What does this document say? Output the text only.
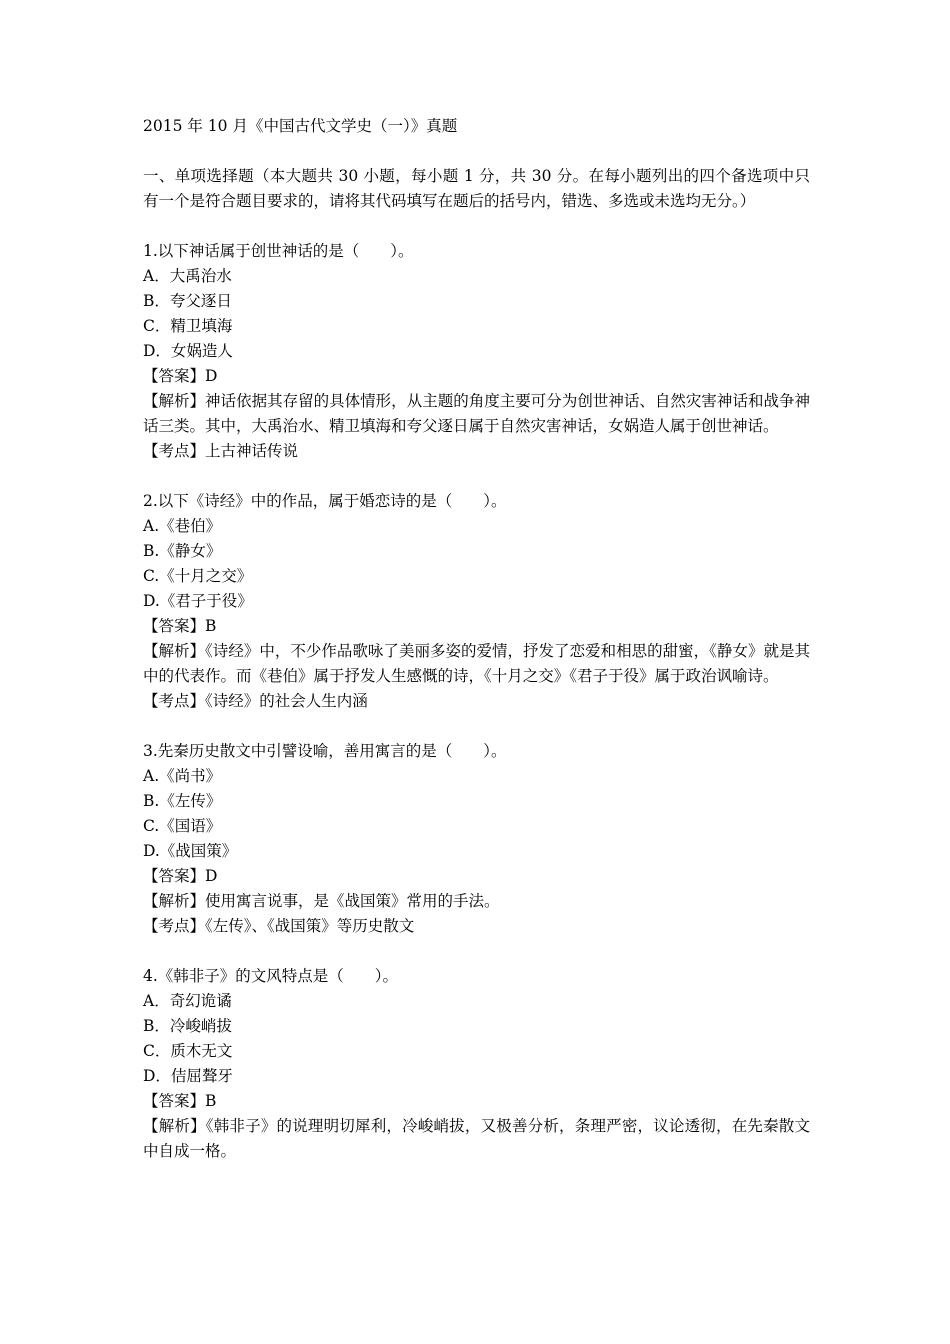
2015 年 10 月《中国古代文学史（一）》真题
一、单项选择题（本大题共 30 小题，每小题 1 分，共 30 分。在每小题列出的四个备选项中只有一个是符合题目要求的，请将其代码填写在题后的括号内，错选、多选或未选均无分。）
1.以下神话属于创世神话的是（　　）。
A．大禹治水
B．夸父逐日
C．精卫填海
D．女娲造人
【答案】D
【解析】神话依据其存留的具体情形，从主题的角度主要可分为创世神话、自然灾害神话和战争神话三类。其中，大禹治水、精卫填海和夸父逐日属于自然灾害神话，女娲造人属于创世神话。
【考点】上古神话传说
2.以下《诗经》中的作品，属于婚恋诗的是（　　）。
A.《巷伯》
B.《静女》
C.《十月之交》
D.《君子于役》
【答案】B
【解析】《诗经》中，不少作品歌咏了美丽多姿的爱情，抒发了恋爱和相思的甜蜜，《静女》就是其中的代表作。而《巷伯》属于抒发人生感慨的诗，《十月之交》《君子于役》属于政治讽喻诗。
【考点】《诗经》的社会人生内涵
3.先秦历史散文中引譬设喻，善用寓言的是（　　）。
A.《尚书》
B.《左传》
C.《国语》
D.《战国策》
【答案】D
【解析】使用寓言说事，是《战国策》常用的手法。
【考点】《左传》、《战国策》等历史散文
4.《韩非子》的文风特点是（　　）。
A．奇幻诡谲
B．冷峻峭拔
C．质木无文
D．佶屈聱牙
【答案】B
【解析】《韩非子》的说理明切犀利，冷峻峭拔，又极善分析，条理严密，议论透彻，在先秦散文中自成一格。
